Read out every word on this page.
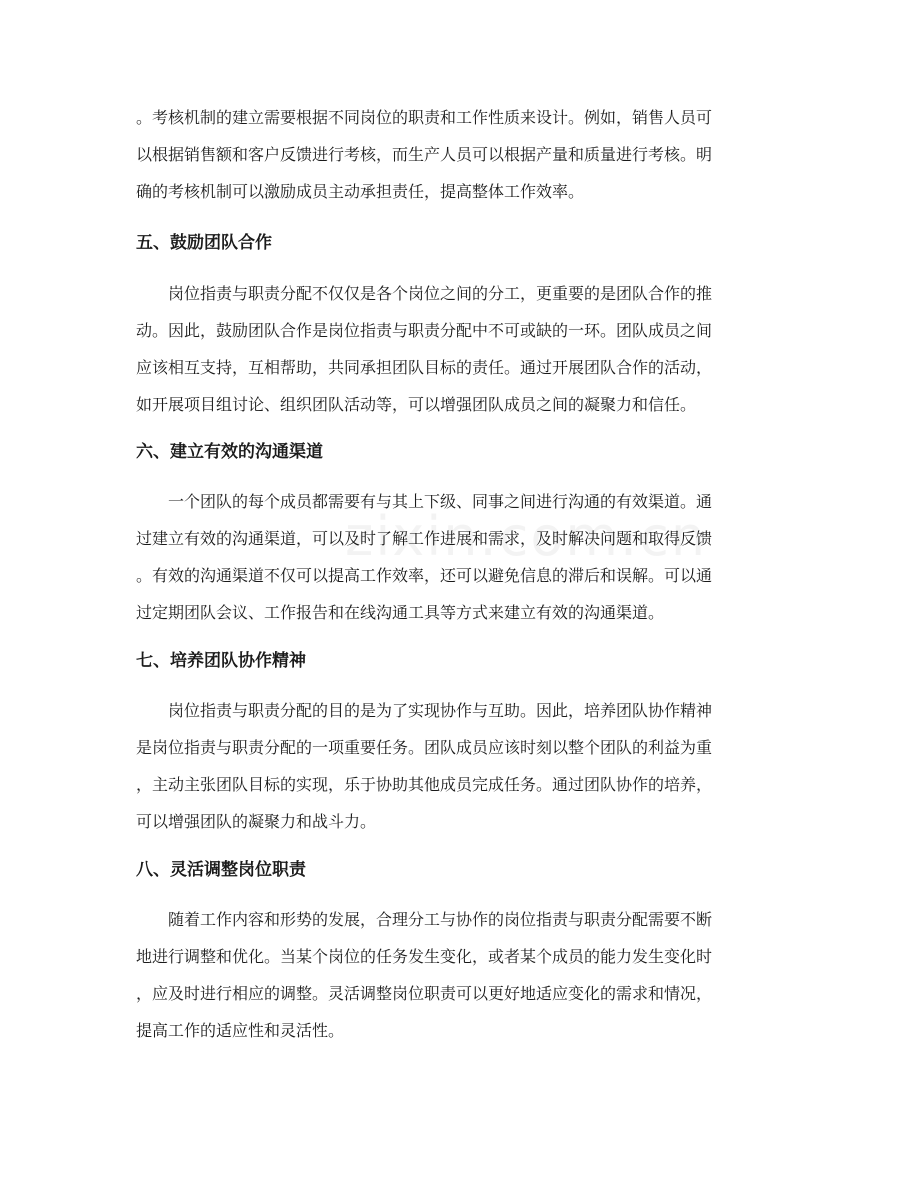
。考核机制的建立需要根据不同岗位的职责和工作性质来设计。例如，销售人员可
以根据销售额和客户反馈进行考核，而生产人员可以根据产量和质量进行考核。明
确的考核机制可以激励成员主动承担责任，提高整体工作效率。
五、鼓励团队合作
岗位指责与职责分配不仅仅是各个岗位之间的分工，更重要的是团队合作的推
动。因此，鼓励团队合作是岗位指责与职责分配中不可或缺的一环。团队成员之间
应该相互支持，互相帮助，共同承担团队目标的责任。通过开展团队合作的活动，
如开展项目组讨论、组织团队活动等，可以增强团队成员之间的凝聚力和信任。
六、建立有效的沟通渠道
一个团队的每个成员都需要有与其上下级、同事之间进行沟通的有效渠道。通
过建立有效的沟通渠道，可以及时了解工作进展和需求，及时解决问题和取得反馈
。有效的沟通渠道不仅可以提高工作效率，还可以避免信息的滞后和误解。可以通
过定期团队会议、工作报告和在线沟通工具等方式来建立有效的沟通渠道。
七、培养团队协作精神
岗位指责与职责分配的目的是为了实现协作与互助。因此，培养团队协作精神
是岗位指责与职责分配的一项重要任务。团队成员应该时刻以整个团队的利益为重
，主动主张团队目标的实现，乐于协助其他成员完成任务。通过团队协作的培养，
可以增强团队的凝聚力和战斗力。
八、灵活调整岗位职责
随着工作内容和形势的发展，合理分工与协作的岗位指责与职责分配需要不断
地进行调整和优化。当某个岗位的任务发生变化，或者某个成员的能力发生变化时
，应及时进行相应的调整。灵活调整岗位职责可以更好地适应变化的需求和情况，
提高工作的适应性和灵活性。
